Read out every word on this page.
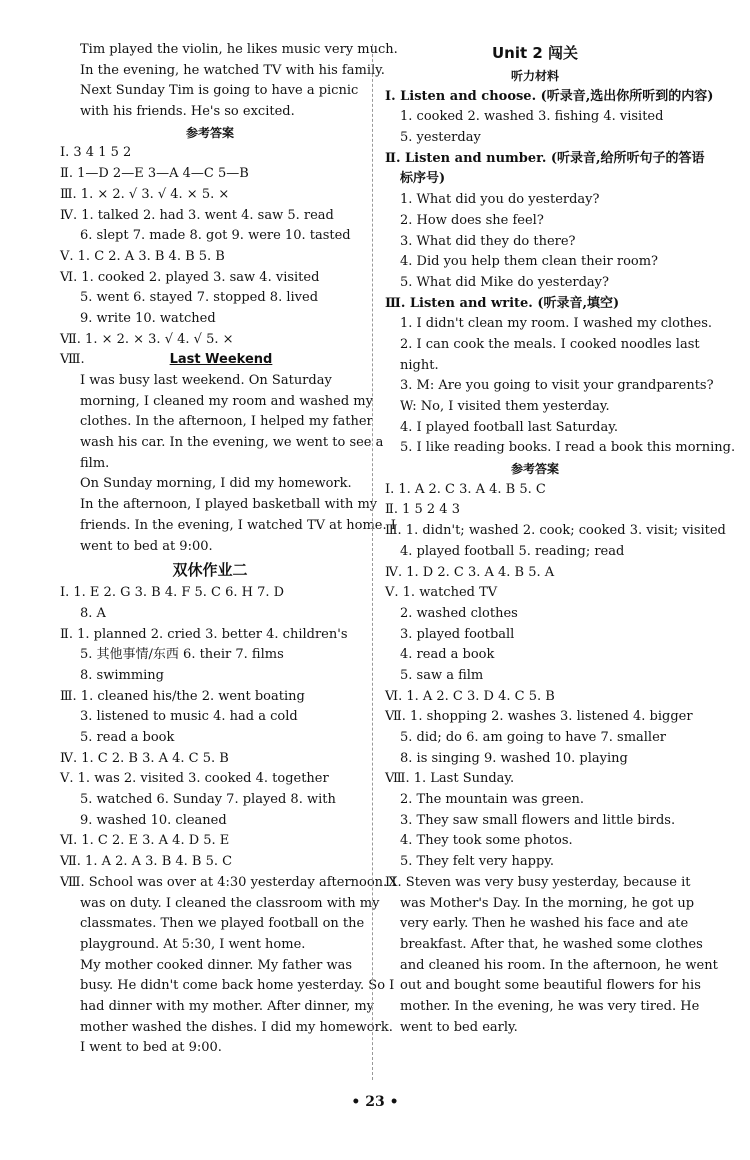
Tim played the violin, he likes music very much.
In the evening, he watched TV with his family.
Next Sunday Tim is going to have a picnic
with his friends. He's so excited.
参考答案
Ⅰ. 3 4 1 5 2
Ⅱ. 1—D 2—E 3—A 4—C 5—B
Ⅲ. 1. × 2. √ 3. √ 4. × 5. ×
Ⅳ. 1. talked 2. had 3. went 4. saw 5. read
6. slept 7. made 8. got 9. were 10. tasted
Ⅴ. 1. C 2. A 3. B 4. B 5. B
Ⅵ. 1. cooked 2. played 3. saw 4. visited
5. went 6. stayed 7. stopped 8. lived
9. write 10. watched
Ⅶ. 1. × 2. × 3. √ 4. √ 5. ×
Ⅷ.	Last Weekend
I was busy last weekend. On Saturday
morning, I cleaned my room and washed my
clothes. In the afternoon, I helped my father
wash his car. In the evening, we went to see a
film.
On Sunday morning, I did my homework.
In the afternoon, I played basketball with my
friends. In the evening, I watched TV at home. I
went to bed at 9:00.
双休作业二
Ⅰ. 1. E 2. G 3. B 4. F 5. C 6. H 7. D
8. A
Ⅱ. 1. planned 2. cried 3. better 4. children's
5. 其他事情/东西 6. their 7. films
8. swimming
Ⅲ. 1. cleaned his/the 2. went boating
3. listened to music 4. had a cold
5. read a book
Ⅳ. 1. C 2. B 3. A 4. C 5. B
Ⅴ. 1. was 2. visited 3. cooked 4. together
5. watched 6. Sunday 7. played 8. with
9. washed 10. cleaned
Ⅵ. 1. C 2. E 3. A 4. D 5. E
Ⅶ. 1. A 2. A 3. B 4. B 5. C
Ⅷ. School was over at 4:30 yesterday afternoon. I
was on duty. I cleaned the classroom with my
classmates. Then we played football on the
playground. At 5:30, I went home.
My mother cooked dinner. My father was
busy. He didn't come back home yesterday. So I
had dinner with my mother. After dinner, my
mother washed the dishes. I did my homework.
I went to bed at 9:00.
Unit 2 闯关
听力材料
Ⅰ. Listen and choose. (听录音,选出你所听到的内容)
1. cooked 2. washed 3. fishing 4. visited
5. yesterday
Ⅱ. Listen and number. (听录音,给所听句子的答语
标序号)
1. What did you do yesterday?
2. How does she feel?
3. What did they do there?
4. Did you help them clean their room?
5. What did Mike do yesterday?
Ⅲ. Listen and write. (听录音,填空)
1. I didn't clean my room. I washed my clothes.
2. I can cook the meals. I cooked noodles last
night.
3. M: Are you going to visit your grandparents?
W: No, I visited them yesterday.
4. I played football last Saturday.
5. I like reading books. I read a book this morning.
参考答案
Ⅰ. 1. A 2. C 3. A 4. B 5. C
Ⅱ. 1 5 2 4 3
Ⅲ. 1. didn't; washed 2. cook; cooked 3. visit; visited
4. played football 5. reading; read
Ⅳ. 1. D 2. C 3. A 4. B 5. A
Ⅴ. 1. watched TV
2. washed clothes
3. played football
4. read a book
5. saw a film
Ⅵ. 1. A 2. C 3. D 4. C 5. B
Ⅶ. 1. shopping 2. washes 3. listened 4. bigger
5. did; do 6. am going to have 7. smaller
8. is singing 9. washed 10. playing
Ⅷ. 1. Last Sunday.
2. The mountain was green.
3. They saw small flowers and little birds.
4. They took some photos.
5. They felt very happy.
Ⅸ. Steven was very busy yesterday, because it
was Mother's Day. In the morning, he got up
very early. Then he washed his face and ate
breakfast. After that, he washed some clothes
and cleaned his room. In the afternoon, he went
out and bought some beautiful flowers for his
mother. In the evening, he was very tired. He
went to bed early.
• 23 •
